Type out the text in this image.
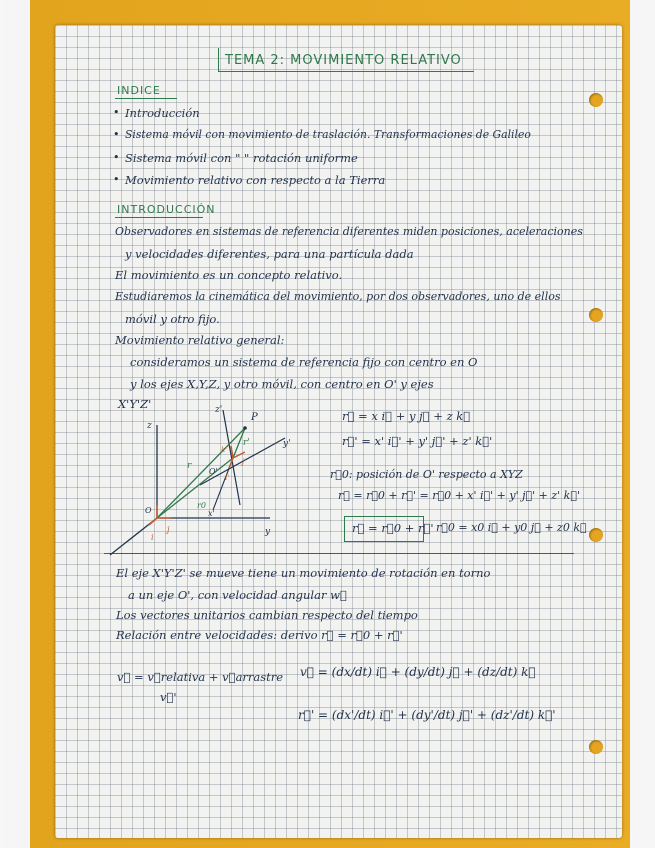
TEMA 2: MOVIMIENTO RELATIVO
INDICE
• Introducción
• Sistema móvil con movimiento de traslación. Transformaciones de Galileo
• Sistema móvil con " " rotación uniforme
• Movimiento relativo con respecto a la Tierra
INTRODUCCIÓN
Observadores en sistemas de referencia diferentes miden posiciones, aceleraciones
y velocidades diferentes, para una partícula dada
El movimiento es un concepto relativo.
Estudiaremos la cinemática del movimiento, por dos observadores, uno de ellos
móvil y otro fijo.
Movimiento relativo general:
consideramos un sistema de referencia fijo con centro en O
y los ejes X,Y,Z, y otro móvil, con centro en O' y ejes
X'Y'Z'
z
z'
P
r'	y'
r
y
r0
O'
x'
i
j
O
k'
j'
i'
r⃗ = x i⃗ + y j⃗ + z k⃗
r⃗' = x' i⃗' + y' j⃗' + z' k⃗'
r⃗0: posición de O' respecto a XYZ
r⃗ = r⃗0 + r⃗' = r⃗0 + x' i⃗' + y' j⃗' + z' k⃗'
r⃗ = r⃗0 + r⃗' r⃗0 = x0 i⃗ + y0 j⃗ + z0 k⃗
El eje X'Y'Z' se mueve tiene un movimiento de rotación en torno
a un eje O', con velocidad angular w⃗
Los vectores unitarios cambian respecto del tiempo
Relación entre velocidades: derivo r⃗ = r⃗0 + r⃗'
v⃗ = v⃗relativa + v⃗arrastre
v⃗'
v⃗ = (dx/dt) i⃗ + (dy/dt) j⃗ + (dz/dt) k⃗
r⃗' = (dx'/dt) i⃗' + (dy'/dt) j⃗' + (dz'/dt) k⃗'
